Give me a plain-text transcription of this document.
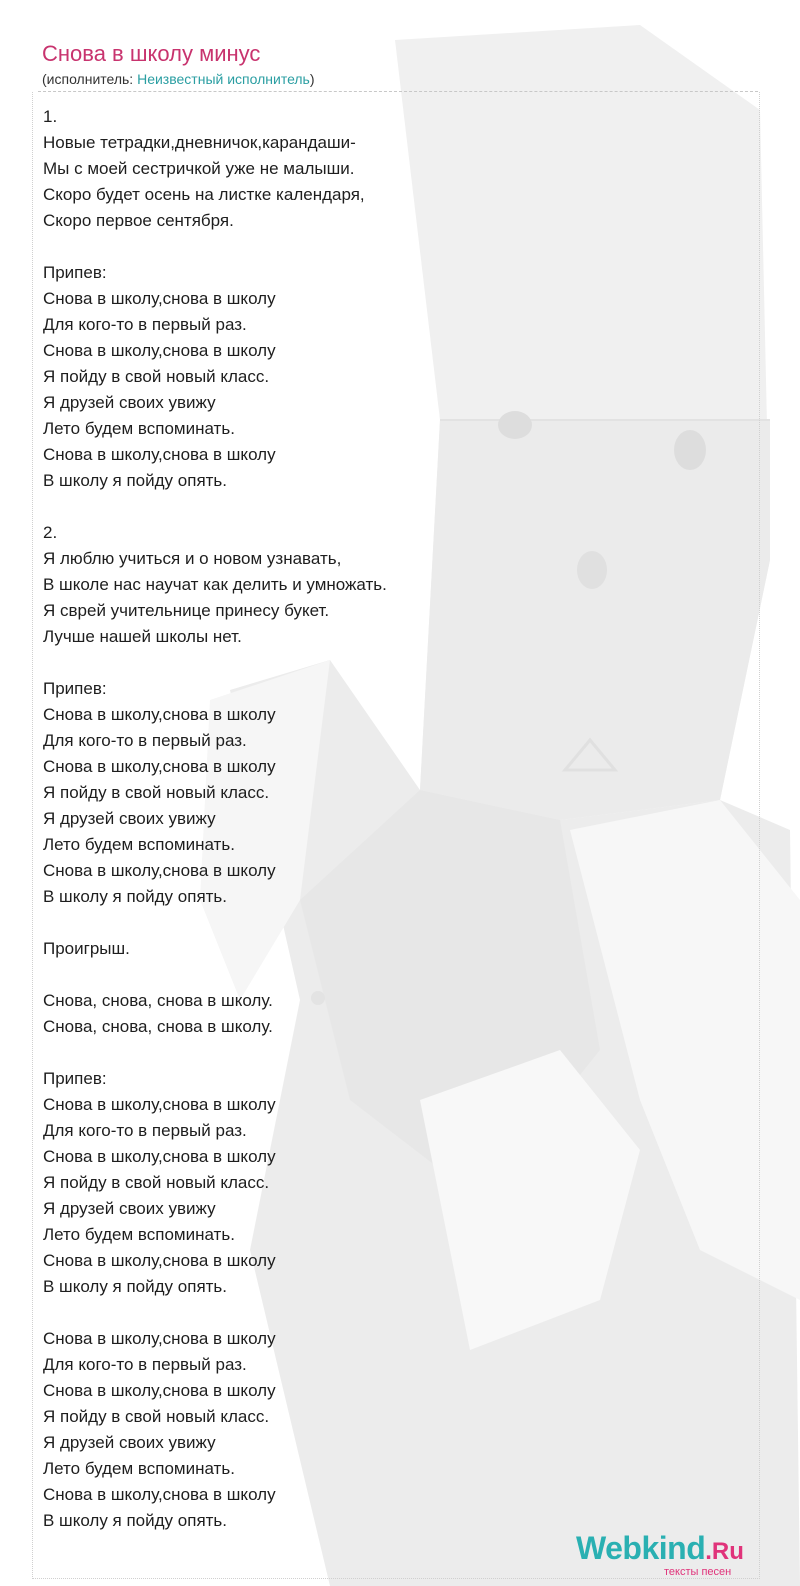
Снова в школу минус
(исполнитель: Неизвестный исполнитель)
1.
Новые тетрадки,дневничок,карандаши-
Мы с моей сестричкой уже не малыши.
Скоро будет осень на листке календаря,
Скоро первое сентября.
Припев:
Снова в школу,снова в школу
Для кого-то в первый раз.
Снова в школу,снова в школу
Я пойду в свой новый класс.
Я друзей своих увижу
Лето будем вспоминать.
Снова в школу,снова в школу
В школу я пойду опять.
2.
Я люблю учиться и о новом узнавать,
В школе нас научат как делить и умножать.
Я сврей учительнице принесу букет.
Лучше нашей школы нет.
Припев:
Снова в школу,снова в школу
Для кого-то в первый раз.
Снова в школу,снова в школу
Я пойду в свой новый класс.
Я друзей своих увижу
Лето будем вспоминать.
Снова в школу,снова в школу
В школу я пойду опять.
Проигрыш.
Снова, снова, снова в школу.
Снова, снова, снова в школу.
Припев:
Снова в школу,снова в школу
Для кого-то в первый раз.
Снова в школу,снова в школу
Я пойду в свой новый класс.
Я друзей своих увижу
Лето будем вспоминать.
Снова в школу,снова в школу
В школу я пойду опять.
Снова в школу,снова в школу
Для кого-то в первый раз.
Снова в школу,снова в школу
Я пойду в свой новый класс.
Я друзей своих увижу
Лето будем вспоминать.
Снова в школу,снова в школу
В школу я пойду опять.
Webkind.Ru
тексты песен
